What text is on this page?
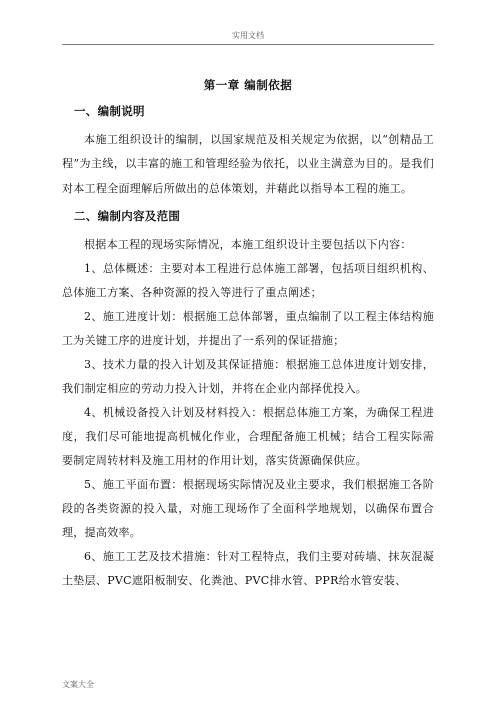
实用文档
第一章 编制依据
一、编制说明

本施工组织设计的编制，以国家规范及相关规定为依据，以“创精品工程”为主线，以丰富的施工和管理经验为依托，以业主满意为目的。是我们对本工程全面理解后所做出的总体策划，并藉此以指导本工程的施工。

二、编制内容及范围

根据本工程的现场实际情况，本施工组织设计主要包括以下内容：

1、总体概述：主要对本工程进行总体施工部署，包括项目组织机构、总体施工方案、各种资源的投入等进行了重点阐述；

2、施工进度计划：根据施工总体部署，重点编制了以工程主体结构施工为关键工序的进度计划，并提出了一系列的保证措施；

3、技术力量的投入计划及其保证措施：根据施工总体进度计划安排，我们制定相应的劳动力投入计划，并将在企业内部择优投入。

4、机械设备投入计划及材料投入：根据总体施工方案，为确保工程进度，我们尽可能地提高机械化作业，合理配备施工机械；结合工程实际需要制定周转材料及施工用材的作用计划，落实货源确保供应。

5、施工平面布置：根据现场实际情况及业主要求，我们根据施工各阶段的各类资源的投入量，对施工现场作了全面科学地规划，以确保布置合理，提高效率。

6、施工工艺及技术措施：针对工程特点，我们主要对砖墙、抹灰混凝土垫层、PVC遮阳板制安、化粪池、PVC排水管、PPR给水管安装、

文案大全
